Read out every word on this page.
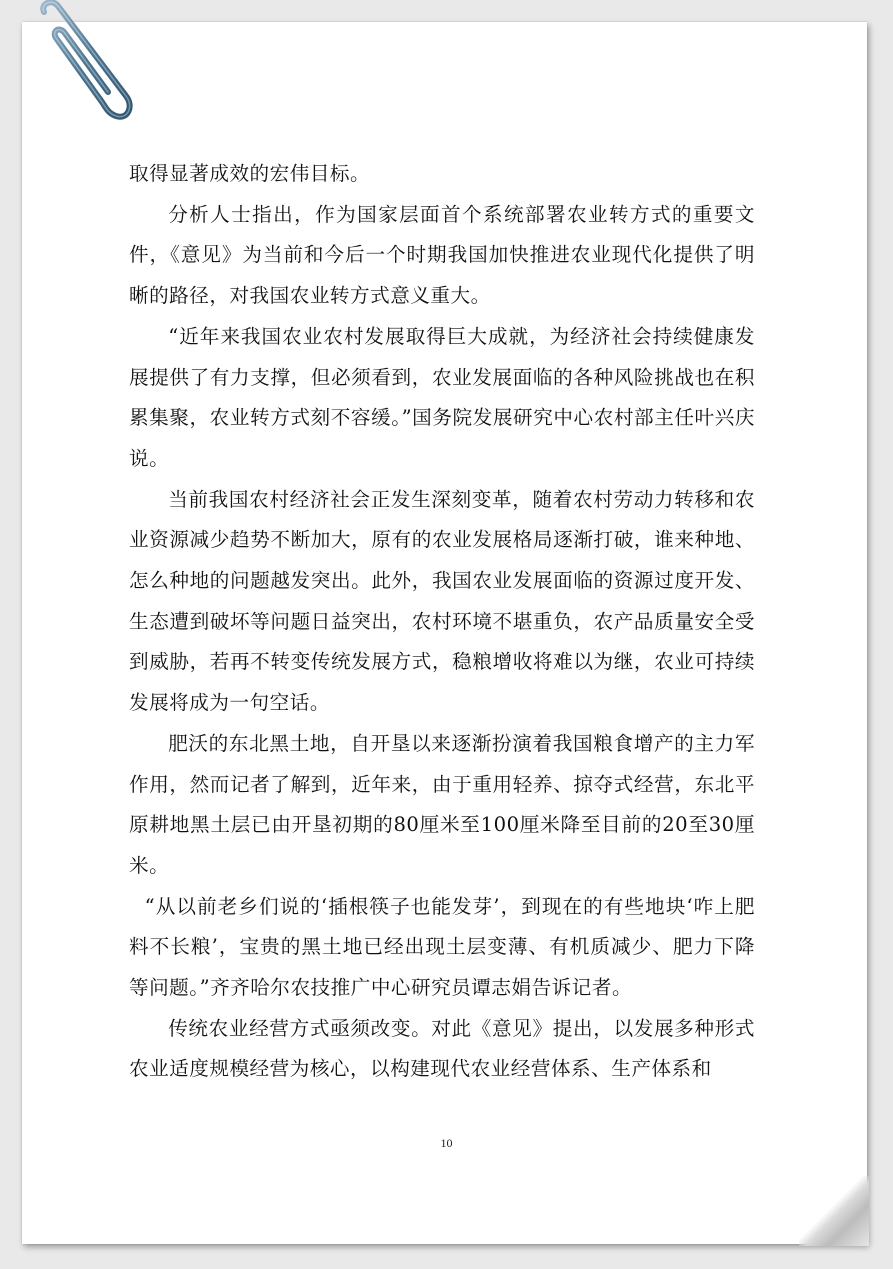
取得显著成效的宏伟目标。

分析人士指出，作为国家层面首个系统部署农业转方式的重要文件，《意见》为当前和今后一个时期我国加快推进农业现代化提供了明晰的路径，对我国农业转方式意义重大。

“近年来我国农业农村发展取得巨大成就，为经济社会持续健康发展提供了有力支撑，但必须看到，农业发展面临的各种风险挑战也在积累集聚，农业转方式刻不容缓。”国务院发展研究中心农村部主任叶兴庆说。

当前我国农村经济社会正发生深刻变革，随着农村劳动力转移和农业资源减少趋势不断加大，原有的农业发展格局逐渐打破，谁来种地、怎么种地的问题越发突出。此外，我国农业发展面临的资源过度开发、生态遭到破坏等问题日益突出，农村环境不堪重负，农产品质量安全受到威胁，若再不转变传统发展方式，稳粮增收将难以为继，农业可持续发展将成为一句空话。

肥沃的东北黑土地，自开垦以来逐渐扮演着我国粮食增产的主力军作用，然而记者了解到，近年来，由于重用轻养、掠夺式经营，东北平原耕地黑土层已由开垦初期的80厘米至100厘米降至目前的20至30厘米。

“从以前老乡们说的‘插根筷子也能发芽’，到现在的有些地块‘咋上肥料不长粮’，宝贵的黑土地已经出现土层变薄、有机质减少、肥力下降等问题。”齐齐哈尔农技推广中心研究员谭志娟告诉记者。

传统农业经营方式亟须改变。对此《意见》提出，以发展多种形式农业适度规模经营为核心，以构建现代农业经营体系、生产体系和

10
